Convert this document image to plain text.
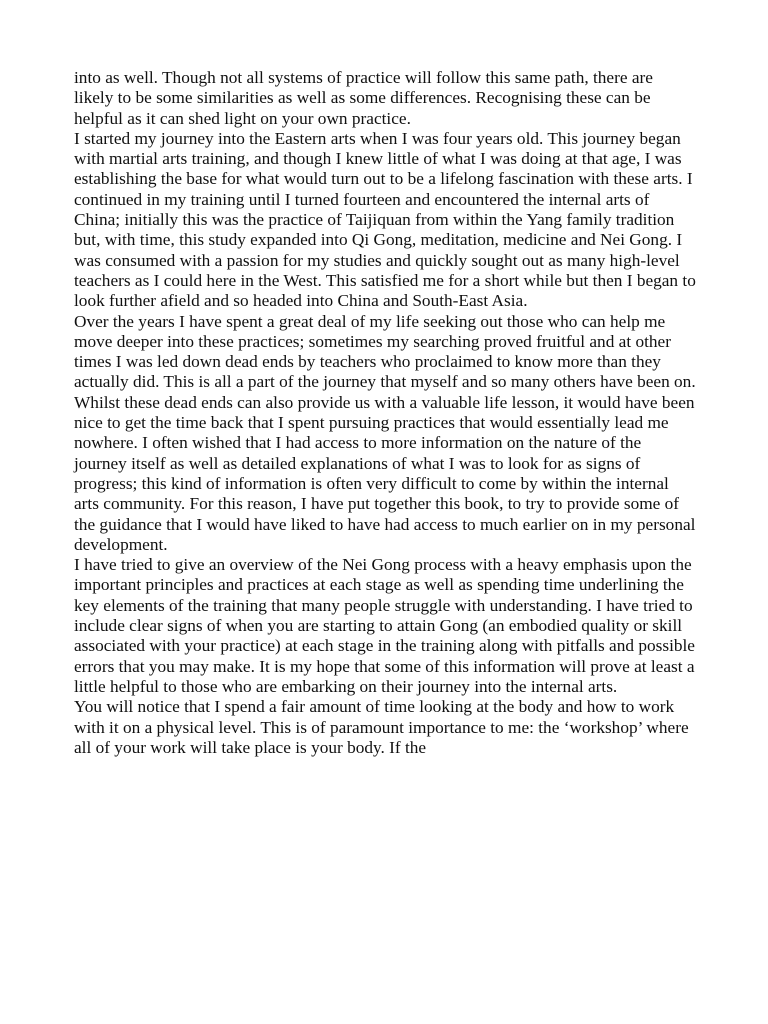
into as well. Though not all systems of practice will follow this same path, there are likely to be some similarities as well as some differences. Recognising these can be helpful as it can shed light on your own practice.

I started my journey into the Eastern arts when I was four years old. This journey began with martial arts training, and though I knew little of what I was doing at that age, I was establishing the base for what would turn out to be a lifelong fascination with these arts. I continued in my training until I turned fourteen and encountered the internal arts of China; initially this was the practice of Taijiquan from within the Yang family tradition but, with time, this study expanded into Qi Gong, meditation, medicine and Nei Gong. I was consumed with a passion for my studies and quickly sought out as many high-level teachers as I could here in the West. This satisfied me for a short while but then I began to look further afield and so headed into China and South-East Asia.

Over the years I have spent a great deal of my life seeking out those who can help me move deeper into these practices; sometimes my searching proved fruitful and at other times I was led down dead ends by teachers who proclaimed to know more than they actually did. This is all a part of the journey that myself and so many others have been on. Whilst these dead ends can also provide us with a valuable life lesson, it would have been nice to get the time back that I spent pursuing practices that would essentially lead me nowhere. I often wished that I had access to more information on the nature of the journey itself as well as detailed explanations of what I was to look for as signs of progress; this kind of information is often very difficult to come by within the internal arts community. For this reason, I have put together this book, to try to provide some of the guidance that I would have liked to have had access to much earlier on in my personal development.

I have tried to give an overview of the Nei Gong process with a heavy emphasis upon the important principles and practices at each stage as well as spending time underlining the key elements of the training that many people struggle with understanding. I have tried to include clear signs of when you are starting to attain Gong (an embodied quality or skill associated with your practice) at each stage in the training along with pitfalls and possible errors that you may make. It is my hope that some of this information will prove at least a little helpful to those who are embarking on their journey into the internal arts.

You will notice that I spend a fair amount of time looking at the body and how to work with it on a physical level. This is of paramount importance to me: the ‘workshop’ where all of your work will take place is your body. If the
